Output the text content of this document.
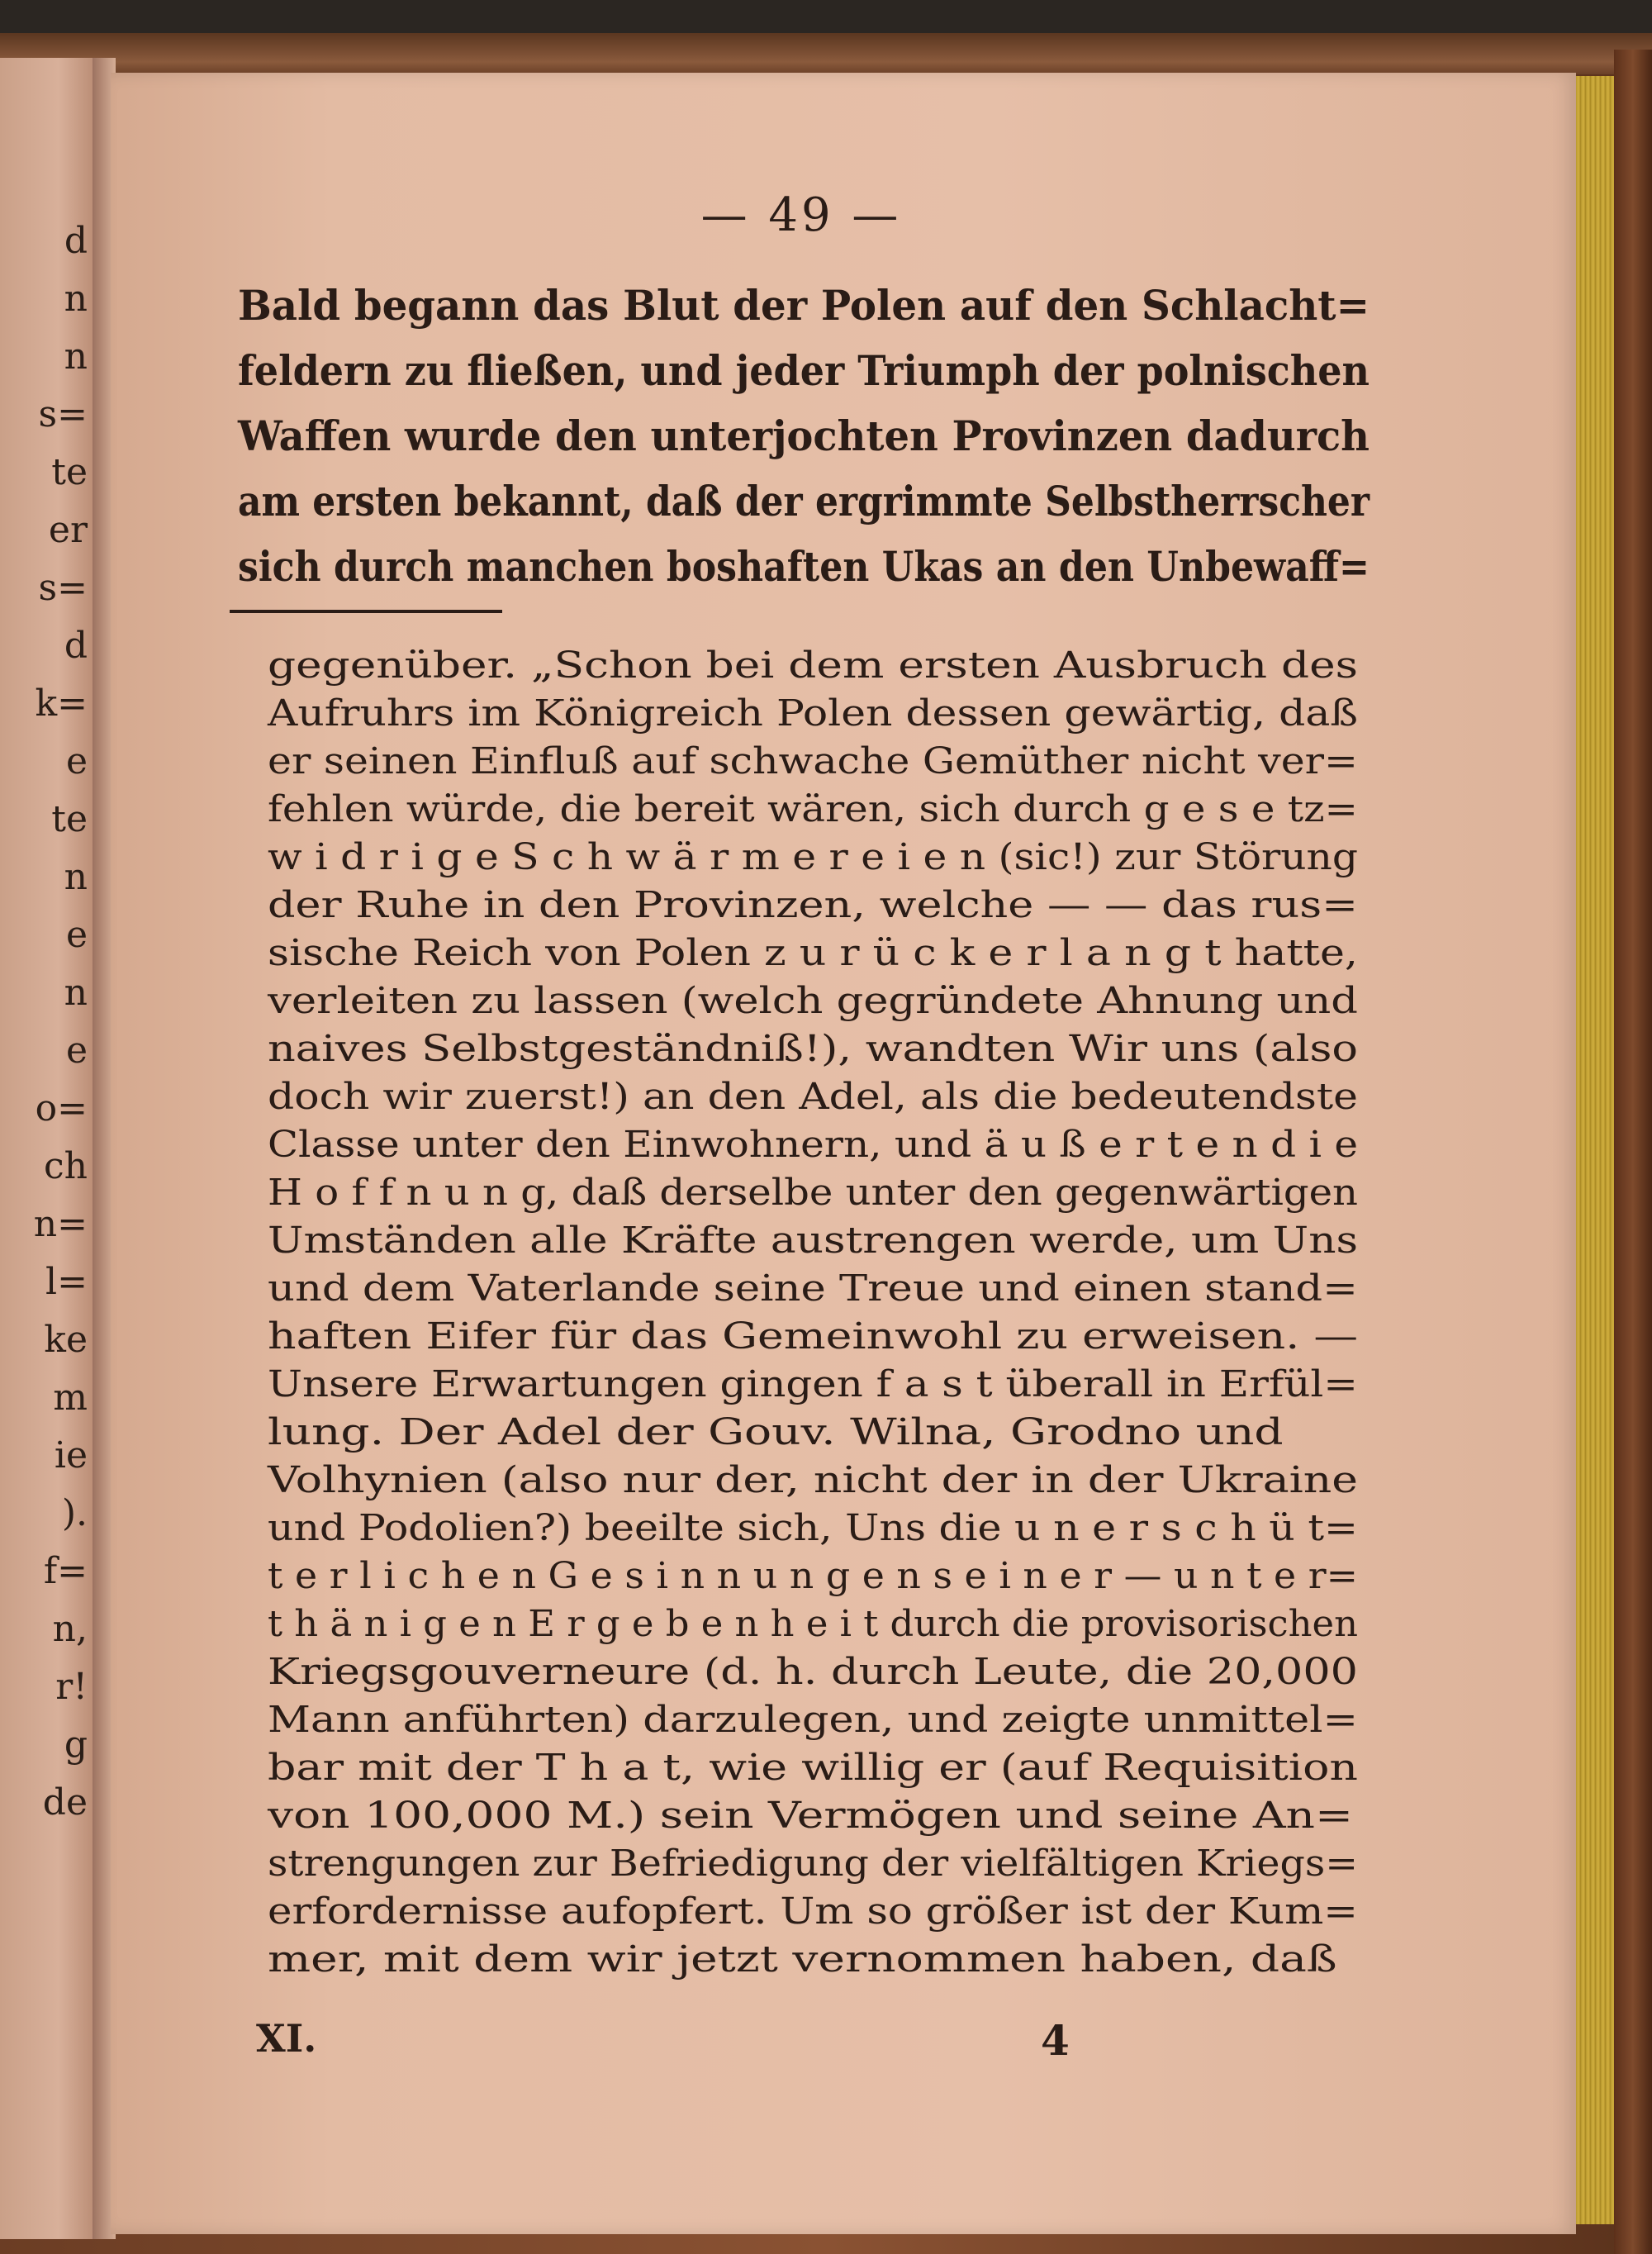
d
n
n
s=
te
er
s=
d
k=
e
te
n
e
n
e
o=
ch
n=
l=
ke
m
ie
).
f=
n,
r!
g
de
— 49 —
Bald begann das Blut der Polen auf den Schlacht=
feldern zu fließen, und jeder Triumph der polnischen
Waffen wurde den unterjochten Provinzen dadurch
am ersten bekannt, daß der ergrimmte Selbstherrscher
sich durch manchen boshaften Ukas an den Unbewaff=
gegenüber. „Schon bei dem ersten Ausbruch des
Aufruhrs im Königreich Polen dessen gewärtig, daß
er seinen Einfluß auf schwache Gemüther nicht ver=
fehlen würde, die bereit wären, sich durch g e s e tz=
w i d r i g e S c h w ä r m e r e i e n (sic!) zur Störung
der Ruhe in den Provinzen, welche — — das rus=
sische Reich von Polen z u r ü c k e r l a n g t hatte,
verleiten zu lassen (welch gegründete Ahnung und
naives Selbstgeständniß!), wandten Wir uns (also
doch wir zuerst!) an den Adel, als die bedeutendste
Classe unter den Einwohnern, und ä u ß e r t e n d i e
H o f f n u n g, daß derselbe unter den gegenwärtigen
Umständen alle Kräfte austrengen werde, um Uns
und dem Vaterlande seine Treue und einen stand=
haften Eifer für das Gemeinwohl zu erweisen. —
Unsere Erwartungen gingen f a s t überall in Erfül=
lung. Der Adel der Gouv. Wilna, Grodno und
Volhynien (also nur der, nicht der in der Ukraine
und Podolien?) beeilte sich, Uns die u n e r s c h ü t=
t e r l i c h e n G e s i n n u n g e n s e i n e r — u n t e r=
t h ä n i g e n E r g e b e n h e i t durch die provisorischen
Kriegsgouverneure (d. h. durch Leute, die 20,000
Mann anführten) darzulegen, und zeigte unmittel=
bar mit der T h a t, wie willig er (auf Requisition
von 100,000 M.) sein Vermögen und seine An=
strengungen zur Befriedigung der vielfältigen Kriegs=
erfordernisse aufopfert. Um so größer ist der Kum=
mer, mit dem wir jetzt vernommen haben, daß
XI.	4
